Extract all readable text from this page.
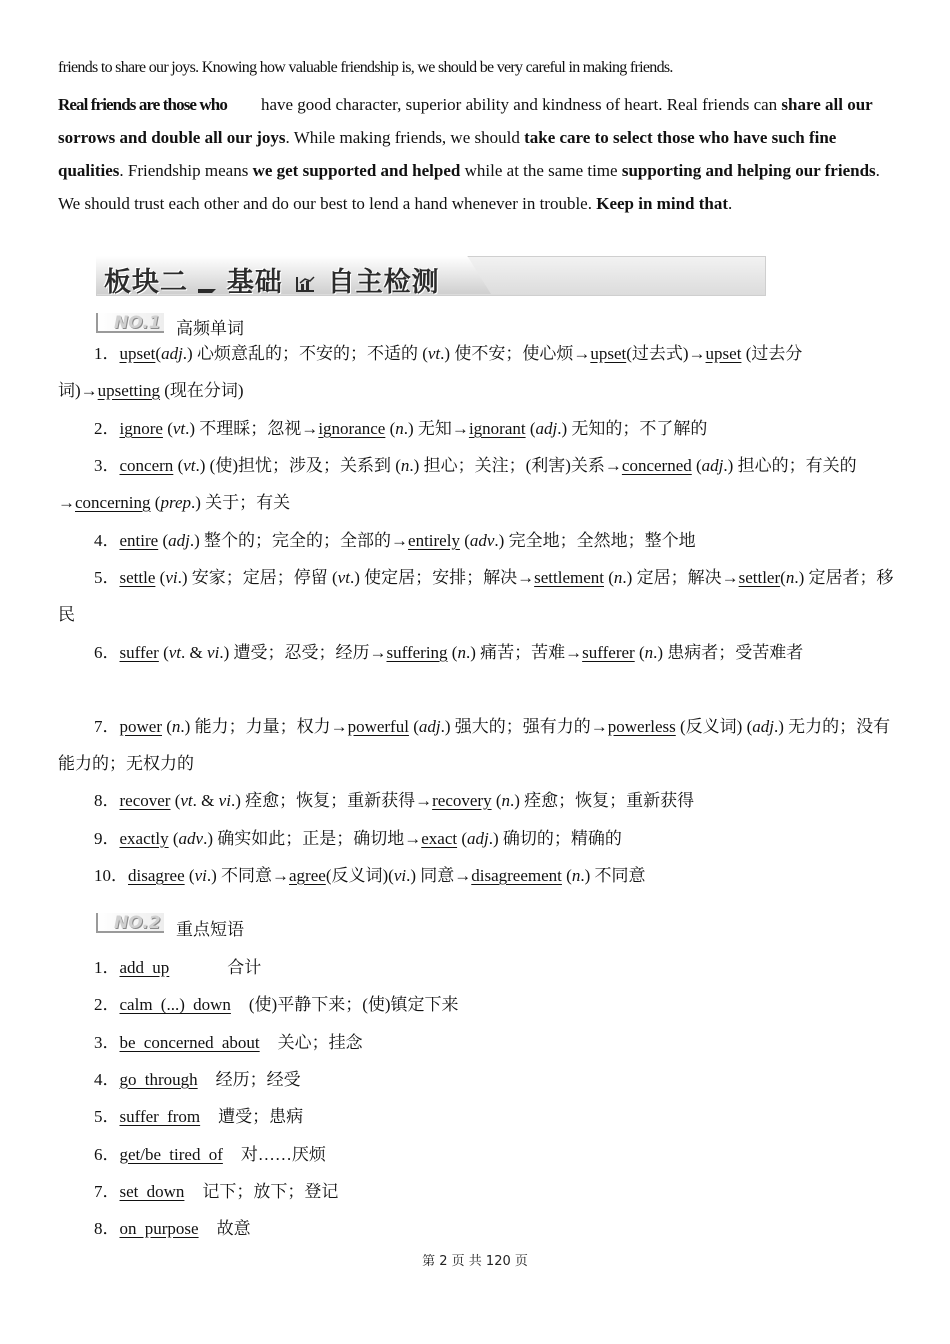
friends to share our joys. Knowing how valuable friendship is, we should be very careful in making friends.
Real friends are those who have good character, superior ability and kindness of heart. Real friends can share all our sorrows and double all our joys. While making friends, we should take care to select those who have such fine qualities. Friendship means we get supported and helped while at the same time supporting and helping our friends. We should trust each other and do our best to lend a hand whenever in trouble. Keep in mind that.
板块二 基础 自主检测
NO.1 高频单词
1．upset(adj.) 心烦意乱的；不安的；不适的 (vt.) 使不安；使心烦→upset(过去式)→upset (过去分词)→upsetting (现在分词)
2．ignore (vt.) 不理睬；忽视→ignorance (n.) 无知→ignorant (adj.) 无知的；不了解的
3．concern (vt.) (使)担忧；涉及；关系到 (n.) 担心；关注；(利害)关系→concerned (adj.) 担心的；有关的→concerning (prep.) 关于；有关
4．entire (adj.) 整个的；完全的；全部的→entirely (adv.) 完全地；全然地；整个地
5．settle (vi.) 安家；定居；停留 (vt.) 使定居；安排；解决→settlement (n.) 定居；解决→settler(n.) 定居者；移民
6．suffer (vt. & vi.) 遭受；忍受；经历→suffering (n.) 痛苦；苦难→sufferer (n.) 患病者；受苦难者
7．power (n.) 能力；力量；权力→powerful (adj.) 强大的；强有力的→powerless (反义词) (adj.) 无力的；没有能力的；无权力的
8．recover (vt. & vi.) 痊愈；恢复；重新获得→recovery (n.) 痊愈；恢复；重新获得
9．exactly (adv.) 确实如此；正是；确切地→exact (adj.) 确切的；精确的
10．disagree (vi.) 不同意→agree(反义词)(vi.) 同意→disagreement (n.) 不同意
NO.2 重点短语
1．add up	合计
2．calm (...) down (使)平静下来；(使)镇定下来
3．be concerned about 关心；挂念
4．go through 经历；经受
5．suffer from 遭受；患病
6．get/be tired of 对……厌烦
7．set down 记下；放下；登记
8．on purpose 故意
第 2 页 共 120 页
